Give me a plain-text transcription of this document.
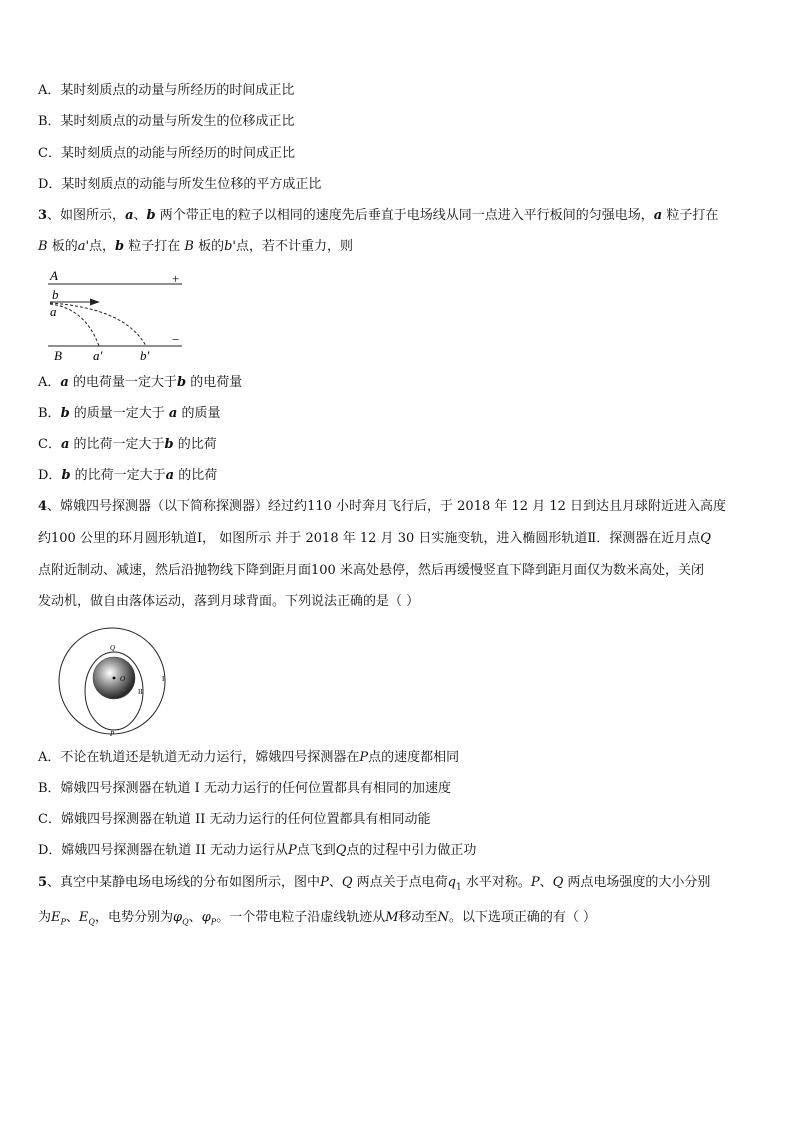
A．某时刻质点的动量与所经历的时间成正比
B．某时刻质点的动量与所发生的位移成正比
C．某时刻质点的动能与所经历的时间成正比
D．某时刻质点的动能与所发生位移的平方成正比
3、如图所示，a、b 两个带正电的粒子以相同的速度先后垂直于电场线从同一点进入平行板间的匀强电场，a 粒子打在
B 板的a'点，b 粒子打在 B 板的b'点，若不计重力，则
A	+
b
a
B a'	b'
−
A．a 的电荷量一定大于b 的电荷量
B．b 的质量一定大于 a 的质量
C．a 的比荷一定大于b 的比荷
D．b 的比荷一定大于a 的比荷
4、嫦娥四号探测器（以下简称探测器）经过约110 小时奔月飞行后，于 2018 年 12 月 12 日到达且月球附近进入高度
约100 公里的环月圆形轨道Ⅰ， 如图所示 并于 2018 年 12 月 30 日实施变轨，进入椭圆形轨道Ⅱ．探测器在近月点Q
点附近制动、减速，然后沿抛物线下降到距月面100 米高处悬停，然后再缓慢竖直下降到距月面仅为数米高处，关闭
发动机，做自由落体运动，落到月球背面。下列说法正确的是（ ）
O
Q
II
I
P
A．不论在轨道还是轨道无动力运行，嫦娥四号探测器在P点的速度都相同
B．嫦娥四号探测器在轨道 I 无动力运行的任何位置都具有相同的加速度
C．嫦娥四号探测器在轨道 II 无动力运行的任何位置都具有相同动能
D．嫦娥四号探测器在轨道 II 无动力运行从P点飞到Q点的过程中引力做正功
5、真空中某静电场电场线的分布如图所示，图中P、Q 两点关于点电荷$q_1$ 水平对称。P、Q 两点电场强度的大小分别
为$E_P$、$E_Q$，电势分别为$\varphi_Q$、$\varphi_P$。一个带电粒子沿虚线轨迹从M移动至N。以下选项正确的有（ ）
